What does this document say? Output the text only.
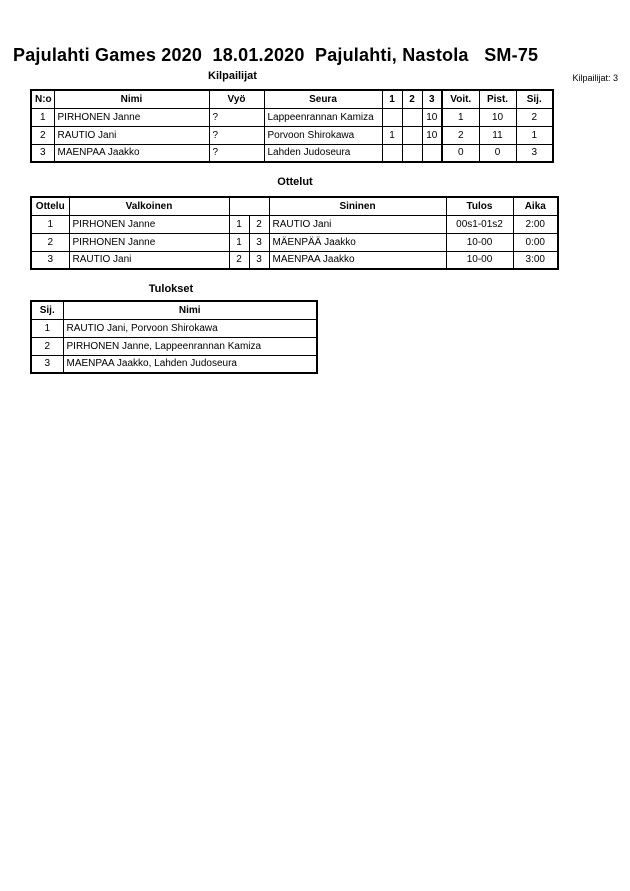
Pajulahti Games 2020  18.01.2020  Pajulahti, Nastola   SM-75
Kilpailijat: 3
Kilpailijat
N:o	Nimi	Vyö	Seura	1	2	3	Voit.	Pist.	Sij.
1	PIRHONEN Janne	?	Lappeenrannan Kamiza			10	1	10	2
2	RAUTIO Jani	?	Porvoon Shirokawa	1		10	2	11	1
3	MAENPAA Jaakko	?	Lahden Judoseura				0	0	3
Ottelut
Ottelu	Valkoinen			Sininen	Tulos	Aika
1	PIRHONEN Janne	1	2	RAUTIO Jani	00s1-01s2	2:00
2	PIRHONEN Janne	1	3	MÄENPÄÄ Jaakko	10-00	0:00
3	RAUTIO Jani	2	3	MAENPAA Jaakko	10-00	3:00
Tulokset
Sij.	Nimi
1	RAUTIO Jani, Porvoon Shirokawa
2	PIRHONEN Janne, Lappeenrannan Kamiza
3	MAENPAA Jaakko, Lahden Judoseura
